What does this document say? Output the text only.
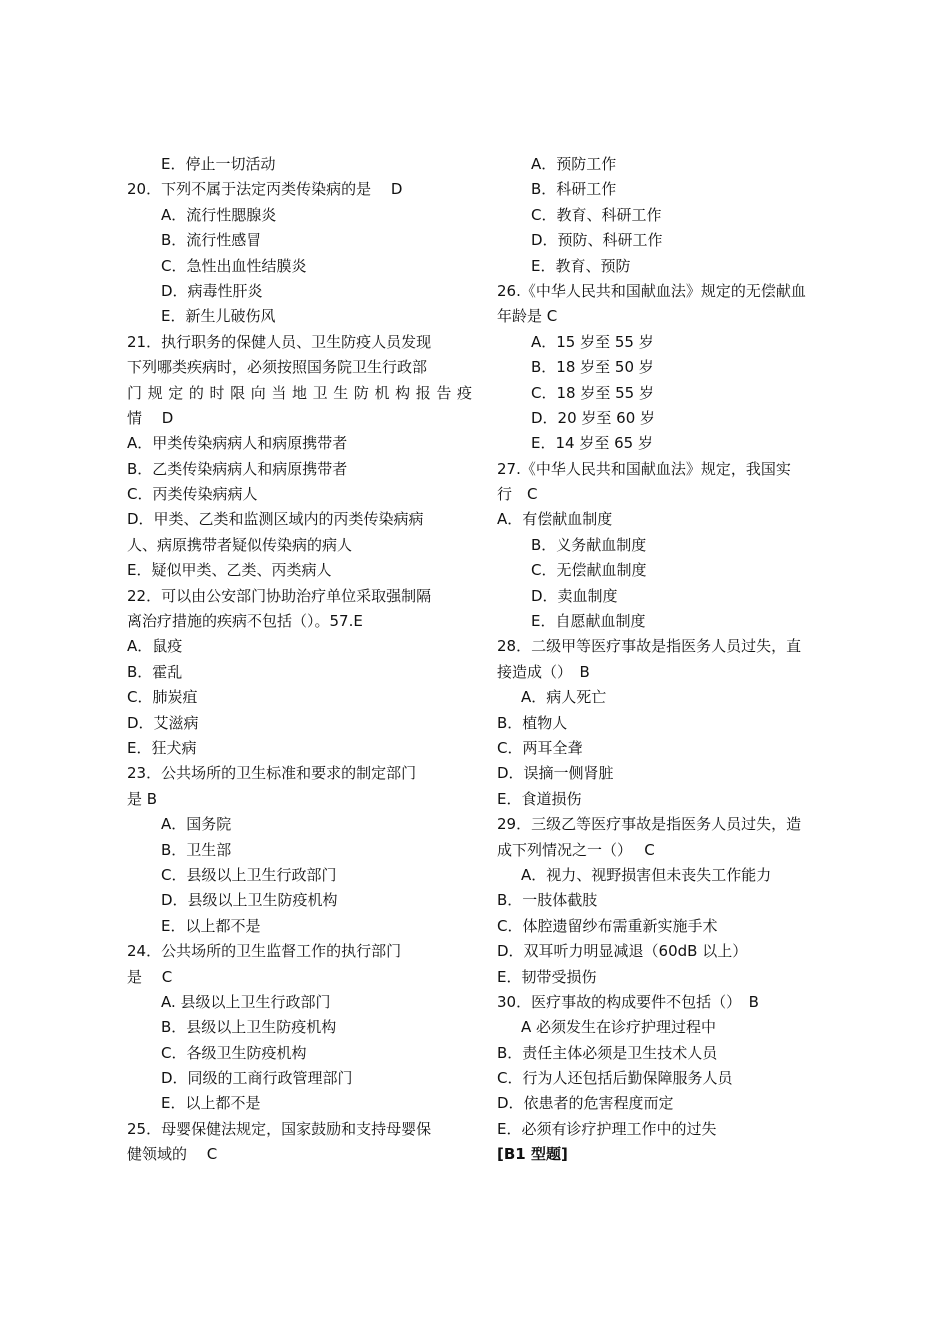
E．停止一切活动
20．下列不属于法定丙类传染病的是　 D
A．流行性腮腺炎
B．流行性感冒
C．急性出血性结膜炎
D．病毒性肝炎
E．新生儿破伤风
21．执行职务的保健人员、卫生防疫人员发现
下列哪类疾病时，必须按照国务院卫生行政部
门规定的时限向当地卫生防机构报告疫
情　 D
A．甲类传染病病人和病原携带者
B．乙类传染病病人和病原携带者
C．丙类传染病病人
D．甲类、乙类和监测区域内的丙类传染病病
人、病原携带者疑似传染病的病人
E．疑似甲类、乙类、丙类病人
22．可以由公安部门协助治疗单位采取强制隔
离治疗措施的疾病不包括（）。57.E
A．鼠疫
B．霍乱
C．肺炭疽
D．艾滋病
E．狂犬病
23．公共场所的卫生标准和要求的制定部门
是 B
A．国务院
B．卫生部
C．县级以上卫生行政部门
D．县级以上卫生防疫机构
E．以上都不是
24．公共场所的卫生监督工作的执行部门
是　 C
A. 县级以上卫生行政部门
B．县级以上卫生防疫机构
C．各级卫生防疫机构
D．同级的工商行政管理部门
E．以上都不是
25．母婴保健法规定，国家鼓励和支持母婴保
健领域的　 C
A．预防工作
B．科研工作
C．教育、科研工作
D．预防、科研工作
E．教育、预防
26.《中华人民共和国献血法》规定的无偿献血
年龄是 C
A．15 岁至 55 岁
B．18 岁至 50 岁
C．18 岁至 55 岁
D．20 岁至 60 岁
E．14 岁至 65 岁
27.《中华人民共和国献血法》规定，我国实
行　C
A．有偿献血制度
B．义务献血制度
C．无偿献血制度
D．卖血制度
E．自愿献血制度
28．二级甲等医疗事故是指医务人员过失，直
接造成（）　B
A．病人死亡
B．植物人
C．两耳全聋
D．误摘一侧肾脏
E．食道损伤
29．三级乙等医疗事故是指医务人员过失，造
成下列情况之一（）　 C
A．视力、视野损害但未丧失工作能力
B．一肢体截肢
C．体腔遗留纱布需重新实施手术
D．双耳听力明显减退（60dB 以上）
E．韧带受损伤
30．医疗事故的构成要件不包括（）　B
A 必须发生在诊疗护理过程中
B．责任主体必须是卫生技术人员
C．行为人还包括后勤保障服务人员
D．依患者的危害程度而定
E．必须有诊疗护理工作中的过失
[B1 型题]
